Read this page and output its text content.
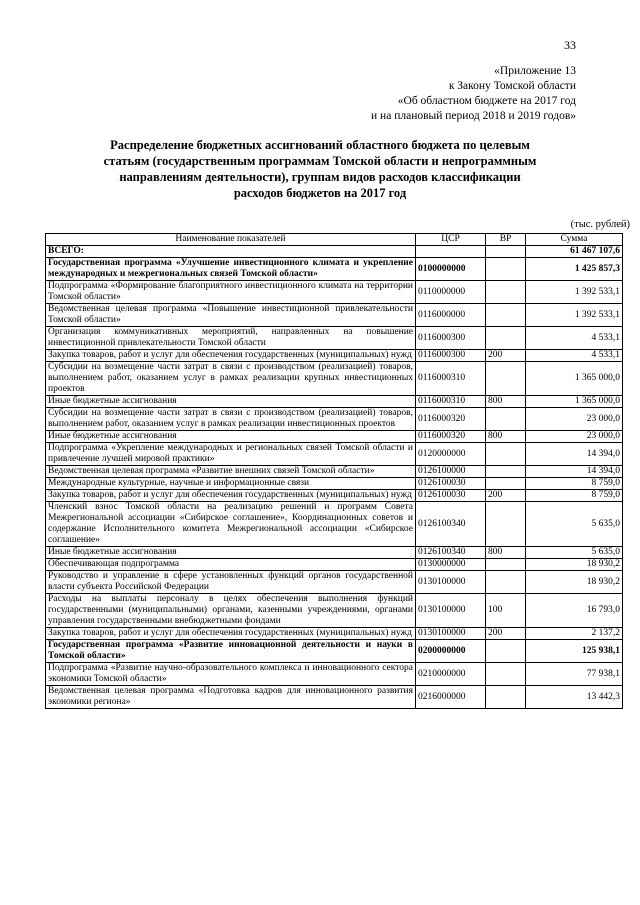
33
«Приложение 13
к Закону Томской области
«Об областном бюджете на 2017 год
и на плановый период 2018 и 2019 годов»
Распределение бюджетных ассигнований областного бюджета по целевым
статьям (государственным программам Томской области и непрограммным
направлениям деятельности), группам видов расходов классификации
расходов бюджетов на 2017 год
(тыс. рублей)
Наименование показателей	ЦСР	ВР	Сумма
ВСЕГО:			61 467 107,6
Государственная программа «Улучшение инвестиционного климата и укрепление международных и межрегиональных связей Томской области»	0100000000		1 425 857,3
Подпрограмма «Формирование благоприятного инвестиционного климата на территории Томской области»	0110000000		1 392 533,1
Ведомственная целевая программа «Повышение инвестиционной привлекательности Томской области»	0116000000		1 392 533,1
Организация коммуникативных мероприятий, направленных на повышение инвестиционной привлекательности Томской области	0116000300		4 533,1
Закупка товаров, работ и услуг для обеспечения государственных (муниципальных) нужд	0116000300	200	4 533,1
Субсидии на возмещение части затрат в связи с производством (реализацией) товаров, выполнением работ, оказанием услуг в рамках реализации крупных инвестиционных проектов	0116000310		1 365 000,0
Иные бюджетные ассигнования	0116000310	800	1 365 000,0
Субсидии на возмещение части затрат в связи с производством (реализацией) товаров, выполнением работ, оказанием услуг в рамках реализации инвестиционных проектов	0116000320		23 000,0
Иные бюджетные ассигнования	0116000320	800	23 000,0
Подпрограмма «Укрепление международных и региональных связей Томской области и привлечение лучшей мировой практики»	0120000000		14 394,0
Ведомственная целевая программа «Развитие внешних связей Томской области»	0126100000		14 394,0
Международные культурные, научные и информационные связи	0126100030		8 759,0
Закупка товаров, работ и услуг для обеспечения государственных (муниципальных) нужд	0126100030	200	8 759,0
Членский взнос Томской области на реализацию решений и программ Совета Межрегиональной ассоциации «Сибирское соглашение», Координационных советов и содержание Исполнительного комитета Межрегиональной ассоциации «Сибирское соглашение»	0126100340		5 635,0
Иные бюджетные ассигнования	0126100340	800	5 635,0
Обеспечивающая подпрограмма	0130000000		18 930,2
Руководство и управление в сфере установленных функций органов государственной власти субъекта Российской Федерации	0130100000		18 930,2
Расходы на выплаты персоналу в целях обеспечения выполнения функций государственными (муниципальными) органами, казенными учреждениями, органами управления государственными внебюджетными фондами	0130100000	100	16 793,0
Закупка товаров, работ и услуг для обеспечения государственных (муниципальных) нужд	0130100000	200	2 137,2
Государственная программа «Развитие инновационной деятельности и науки в Томской области»	0200000000		125 938,1
Подпрограмма «Развитие научно-образовательного комплекса и инновационного сектора экономики Томской области»	0210000000		77 938,1
Ведомственная целевая программа «Подготовка кадров для инновационного развития экономики региона»	0216000000		13 442,3
